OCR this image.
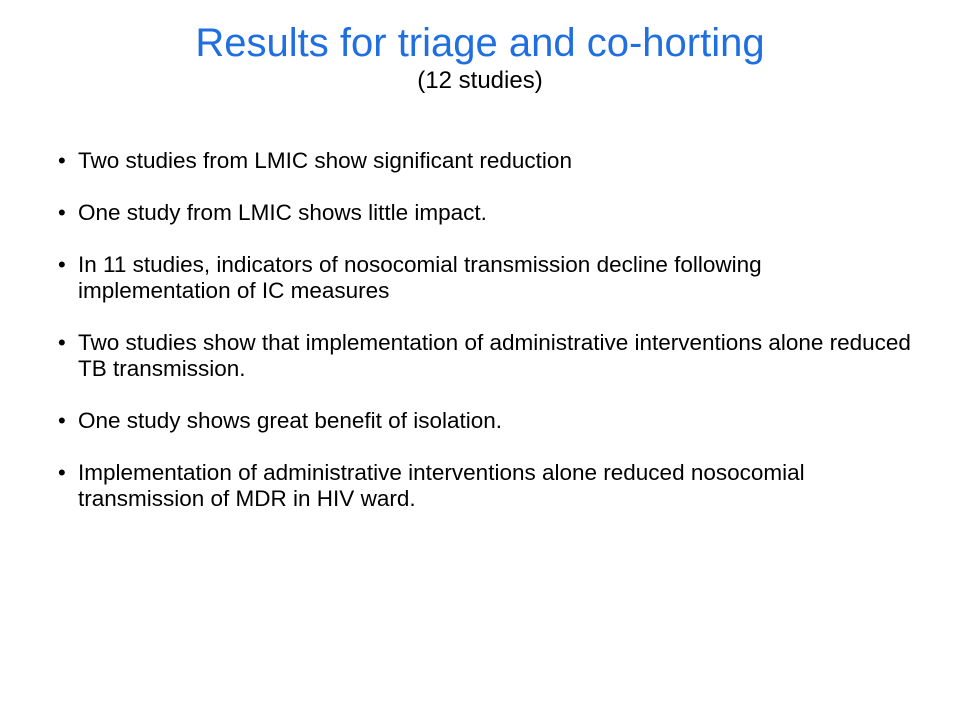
Results for triage and co-horting
(12 studies)
• Two studies from LMIC show significant reduction
• One study from LMIC shows little impact.
• In 11 studies, indicators of nosocomial transmission decline following implementation of IC measures
• Two studies show that implementation of administrative interventions alone reduced TB transmission.
• One study shows great benefit of isolation.
• Implementation of administrative interventions alone reduced nosocomial transmission of MDR in HIV ward.
